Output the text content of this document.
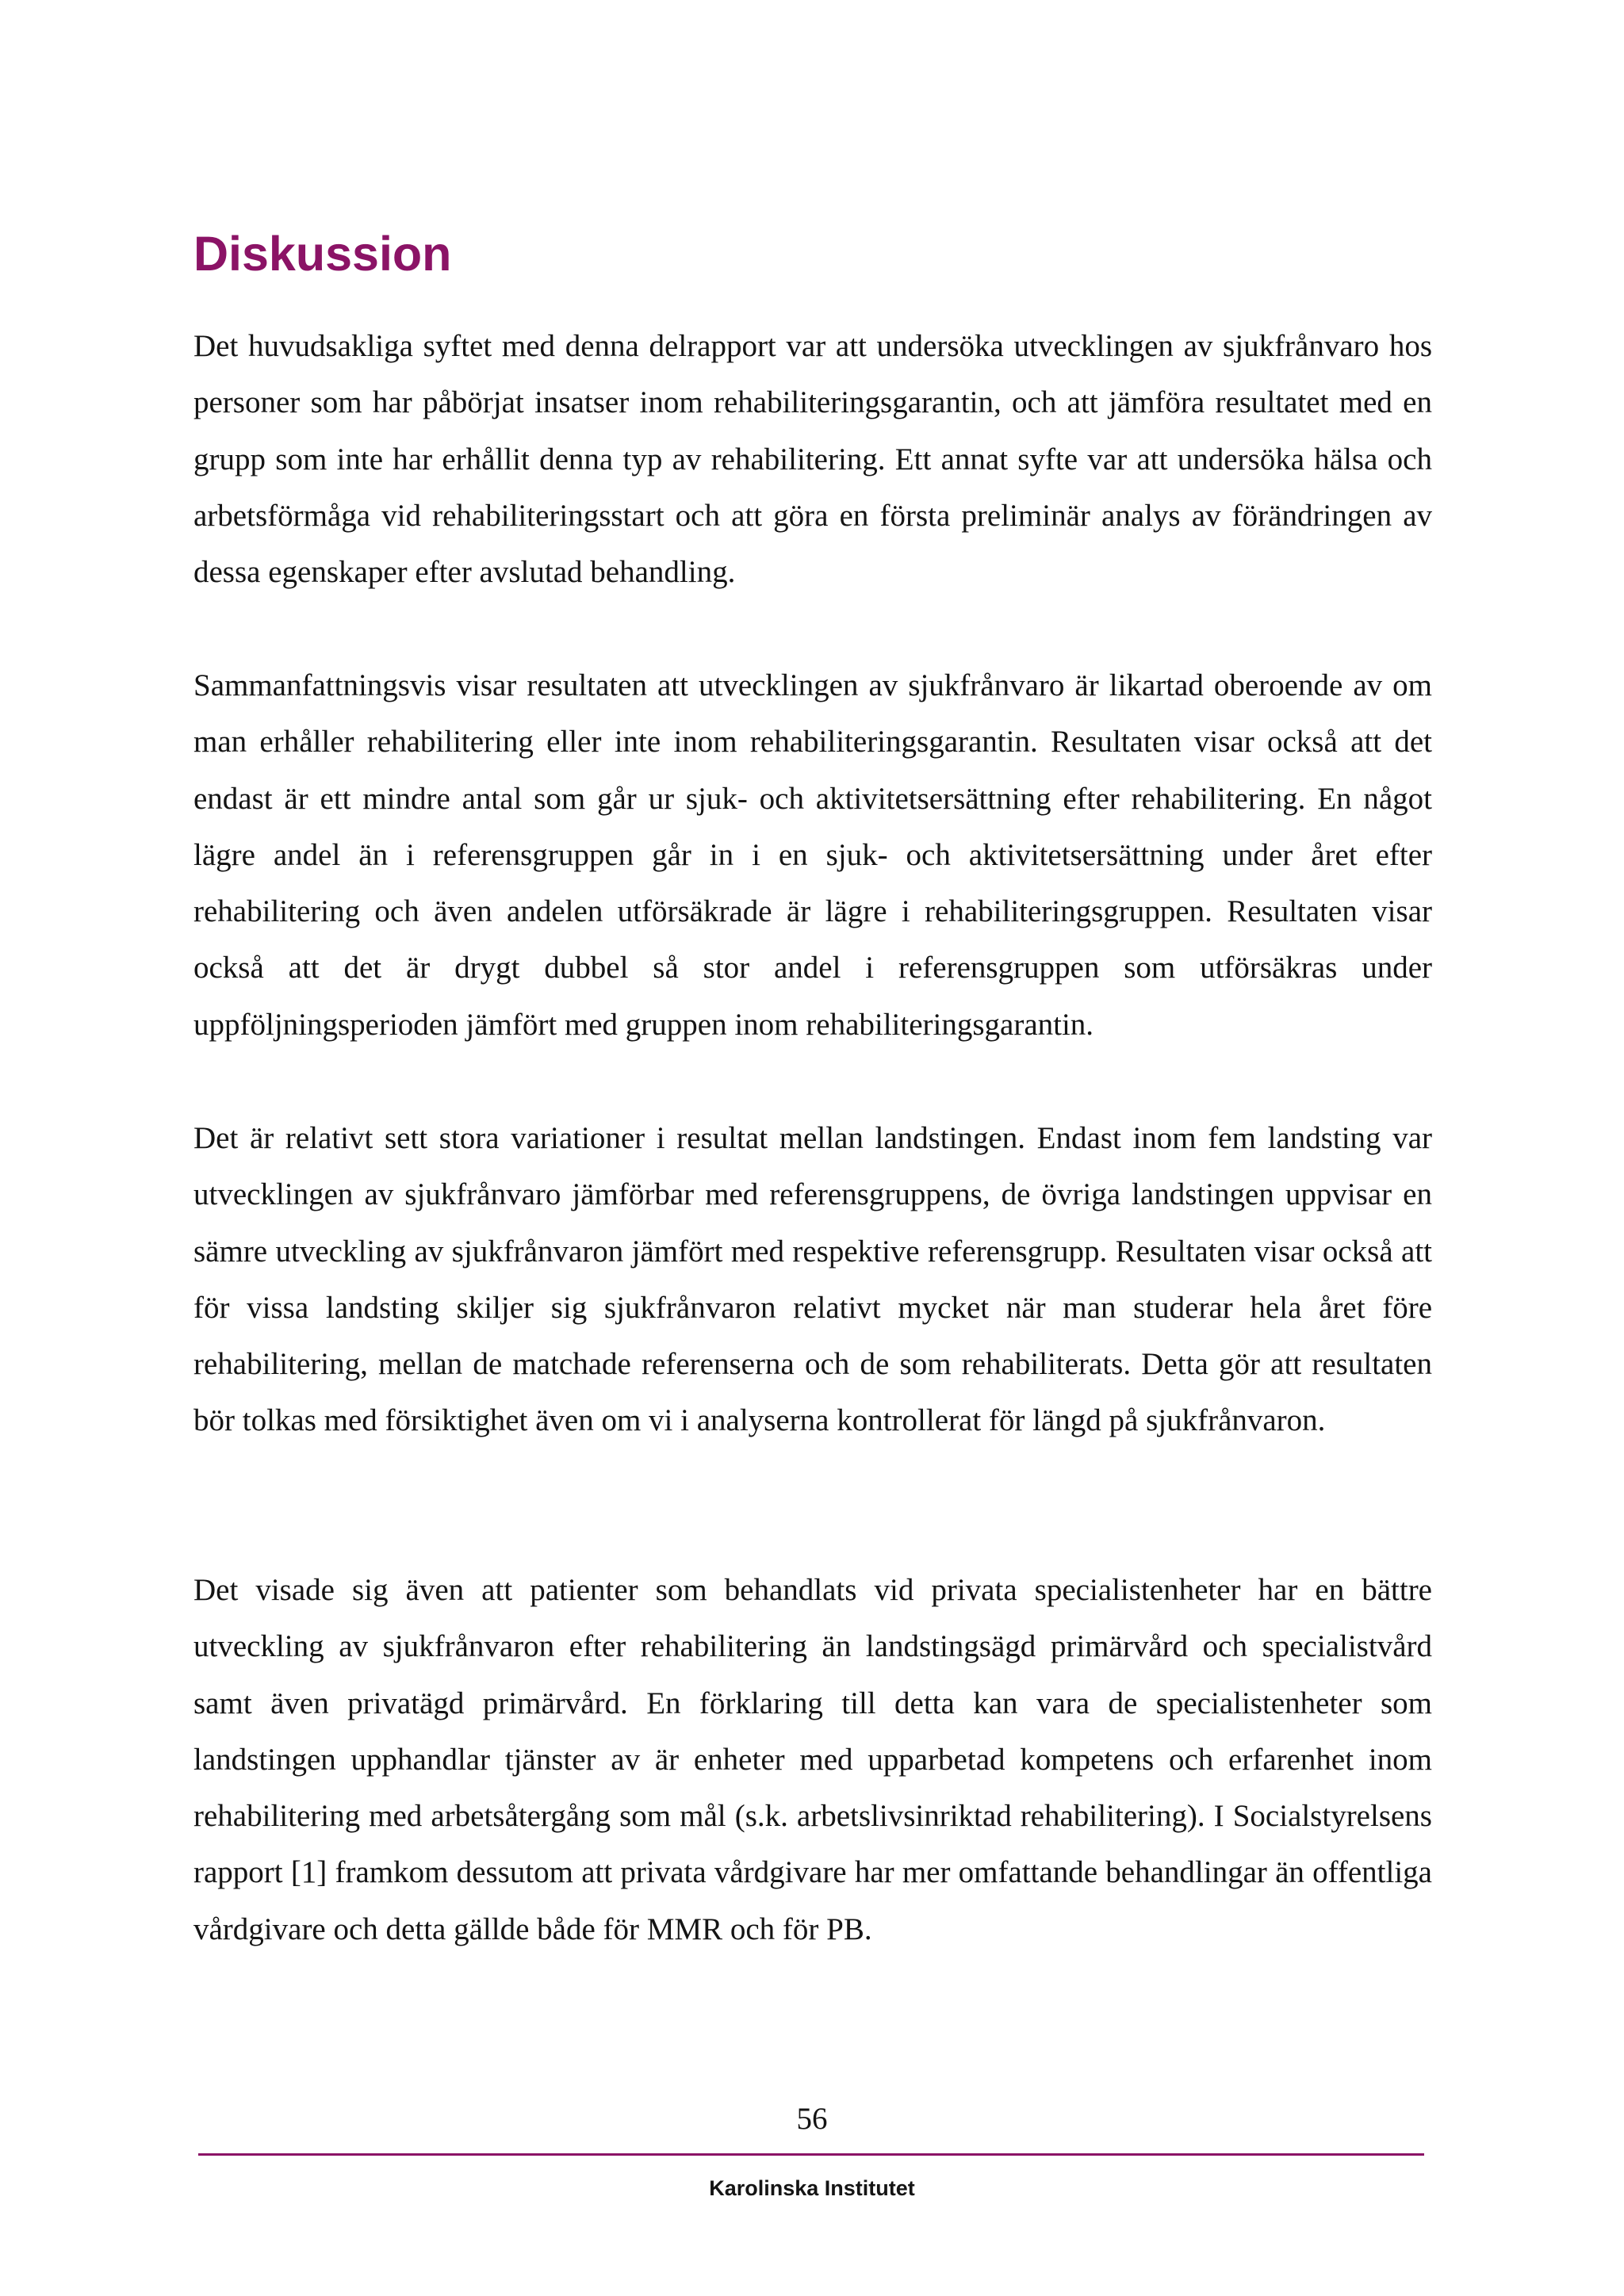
Diskussion

Det huvudsakliga syftet med denna delrapport var att undersöka utvecklingen av sjukfrånvaro hos personer som har påbörjat insatser inom rehabiliteringsgarantin, och att jämföra resultatet med en grupp som inte har erhållit denna typ av rehabilitering. Ett annat syfte var att undersöka hälsa och arbetsförmåga vid rehabiliteringsstart och att göra en första preliminär analys av förändringen av dessa egenskaper efter avslutad behandling.

Sammanfattningsvis visar resultaten att utvecklingen av sjukfrånvaro är likartad oberoende av om man erhåller rehabilitering eller inte inom rehabiliteringsgarantin. Resultaten visar också att det endast är ett mindre antal som går ur sjuk- och aktivitetsersättning efter rehabilitering. En något lägre andel än i referensgruppen går in i en sjuk- och aktivitetsersättning under året efter rehabilitering och även andelen utförsäkrade är lägre i rehabiliteringsgruppen. Resultaten visar också att det är drygt dubbel så stor andel i referensgruppen som utförsäkras under uppföljningsperioden jämfört med gruppen inom rehabiliteringsgarantin.

Det är relativt sett stora variationer i resultat mellan landstingen. Endast inom fem landsting var utvecklingen av sjukfrånvaro jämförbar med referensgruppens, de övriga landstingen uppvisar en sämre utveckling av sjukfrånvaron jämfört med respektive referensgrupp. Resultaten visar också att för vissa landsting skiljer sig sjukfrånvaron relativt mycket när man studerar hela året före rehabilitering, mellan de matchade referenserna och de som rehabiliterats. Detta gör att resultaten bör tolkas med försiktighet även om vi i analyserna kontrollerat för längd på sjukfrånvaron.

Det visade sig även att patienter som behandlats vid privata specialistenheter har en bättre utveckling av sjukfrånvaron efter rehabilitering än landstingsägd primärvård och specialistvård samt även privatägd primärvård. En förklaring till detta kan vara de specialistenheter som landstingen upphandlar tjänster av är enheter med upparbetad kompetens och erfarenhet inom rehabilitering med arbetsåtergång som mål (s.k. arbetslivsinriktad rehabilitering). I Socialstyrelsens rapport [1] framkom dessutom att privata vårdgivare har mer omfattande behandlingar än offentliga vårdgivare och detta gällde både för MMR och för PB.

56

Karolinska Institutet
